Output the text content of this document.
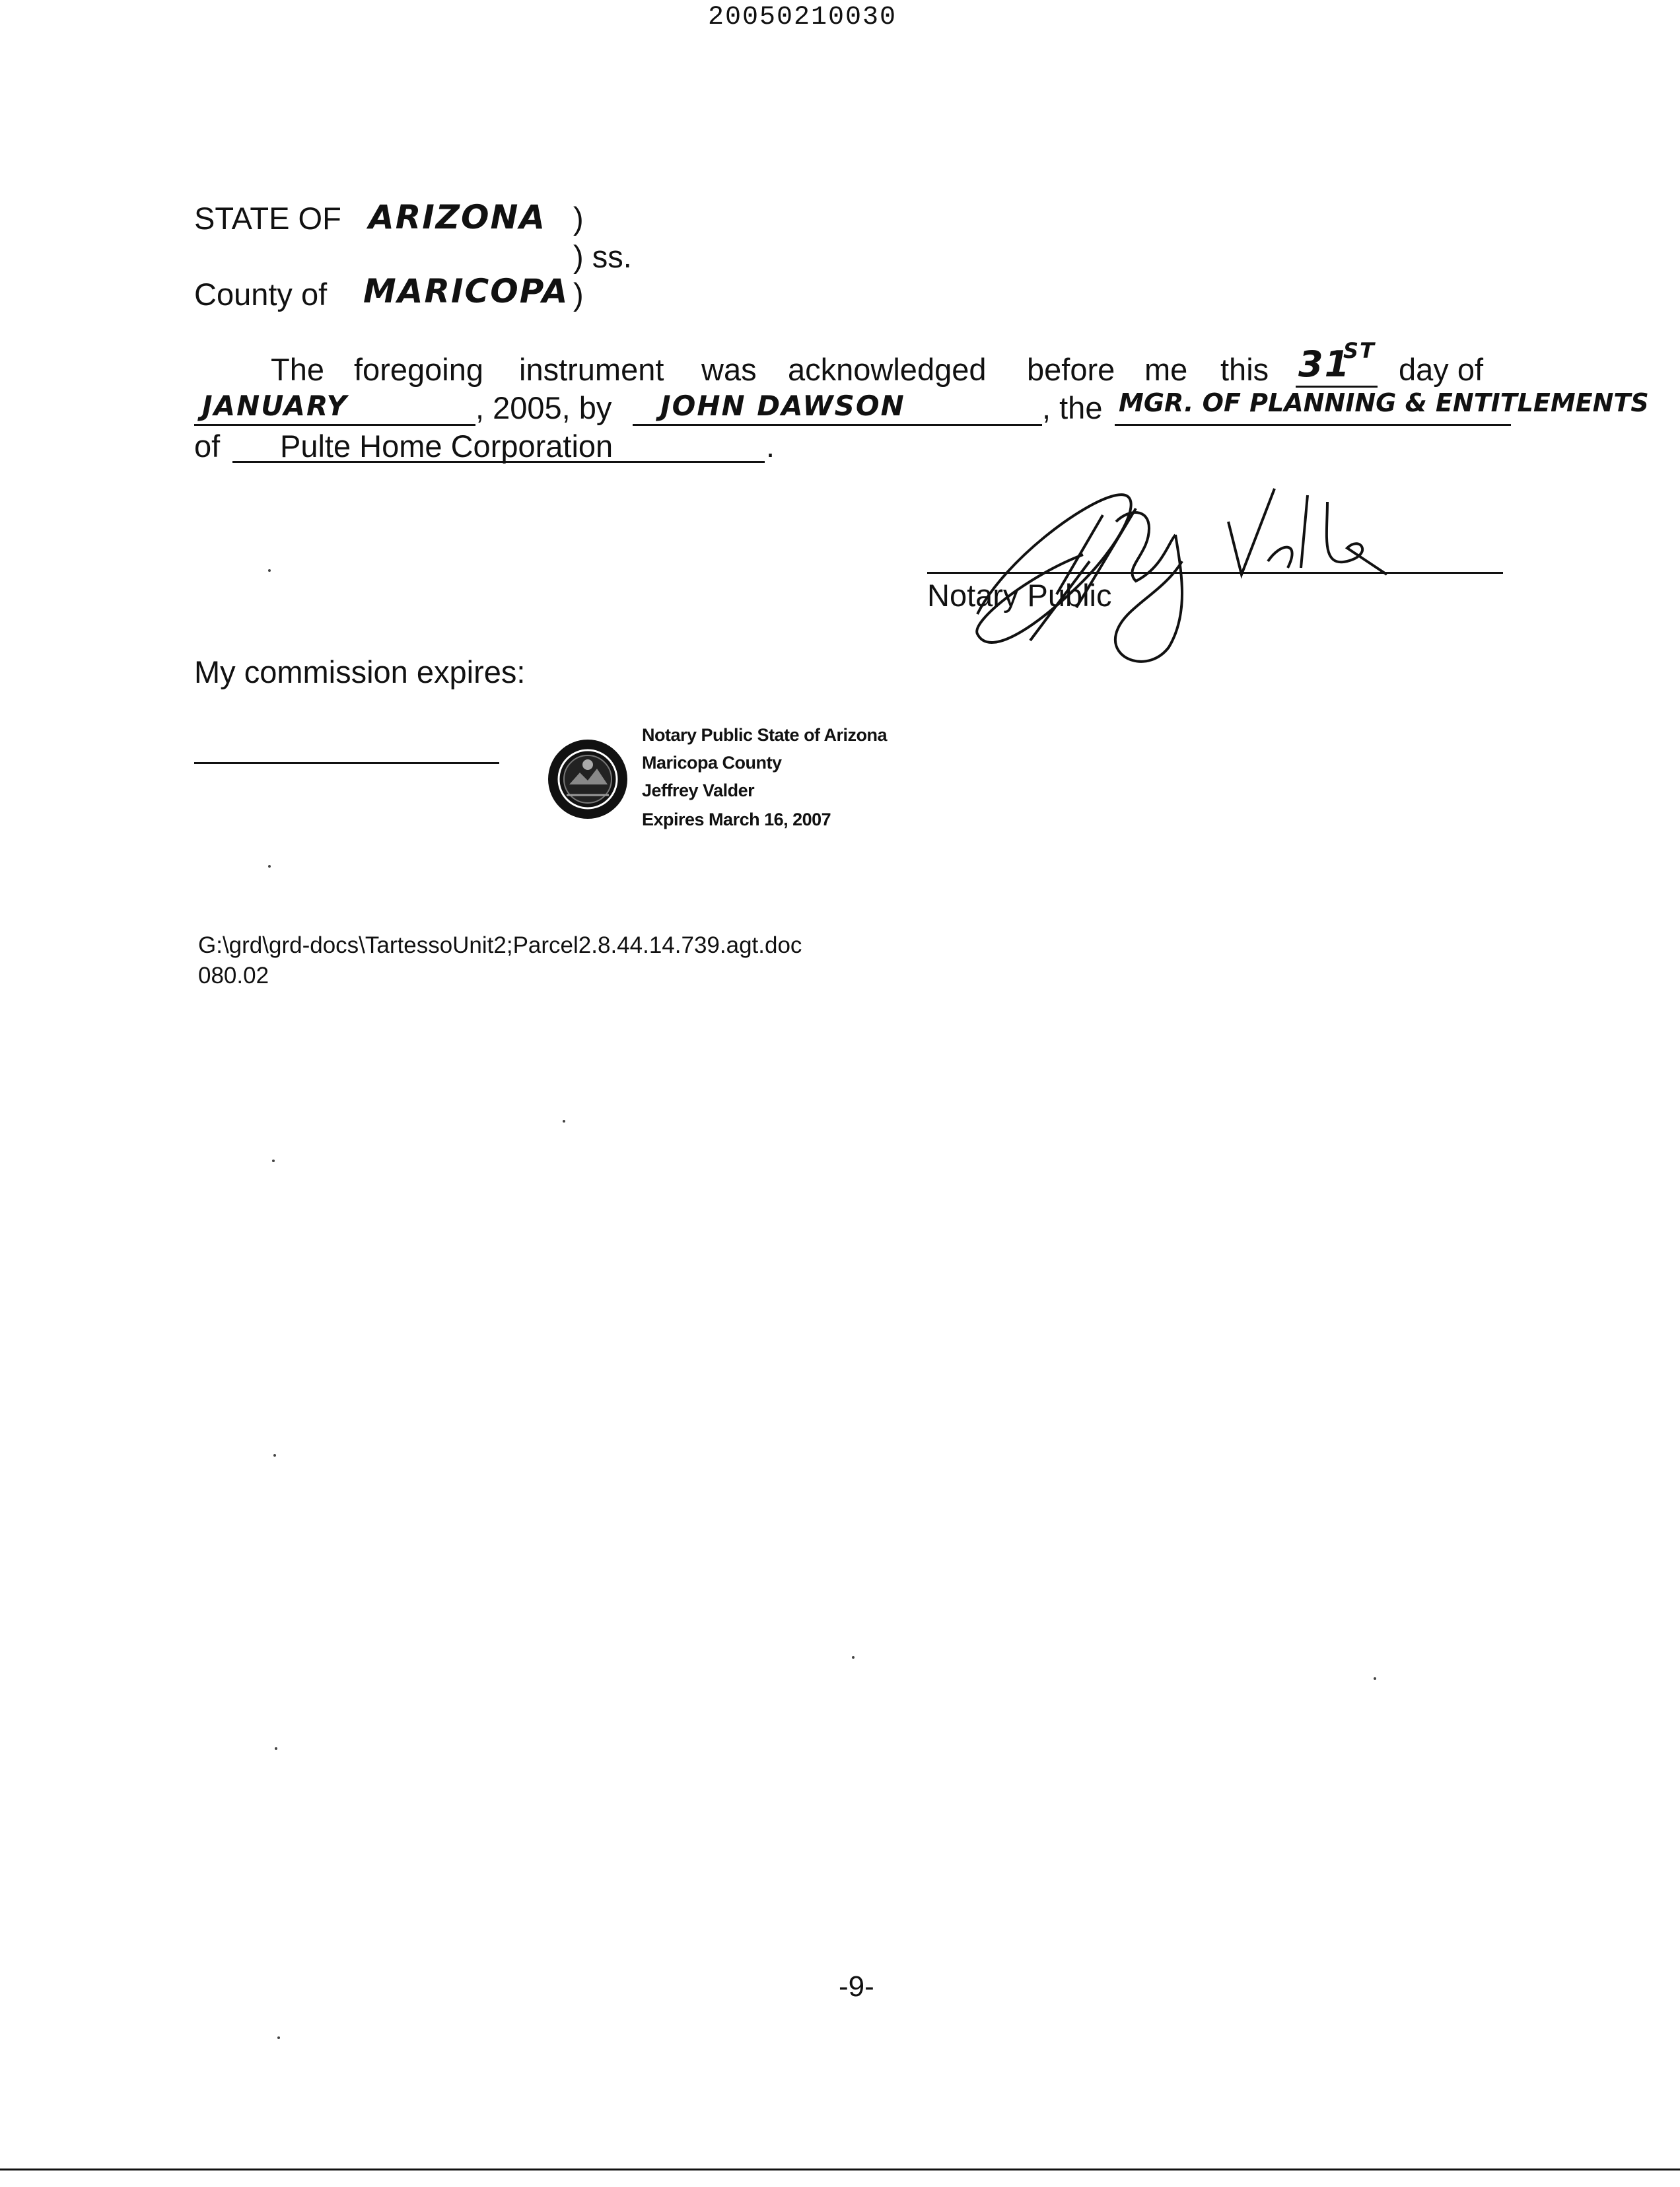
20050210030
STATE OF ARIZONA )
) ss.
County of MARICOPA )
The foregoing instrument was acknowledged before me this 31
ST
day of
JANUARY	, 2005, by JOHN DAWSON	, the MGR. OF PLANNING & ENTITLEMENTS
of Pulte Home Corporation	.
Notary Public
My commission expires:
Notary Public State of Arizona
Maricopa County
Jeffrey Valder
Expires March 16, 2007
G:\grd\grd-docs\TartessoUnit2;Parcel2.8.44.14.739.agt.doc
080.02
-9-
